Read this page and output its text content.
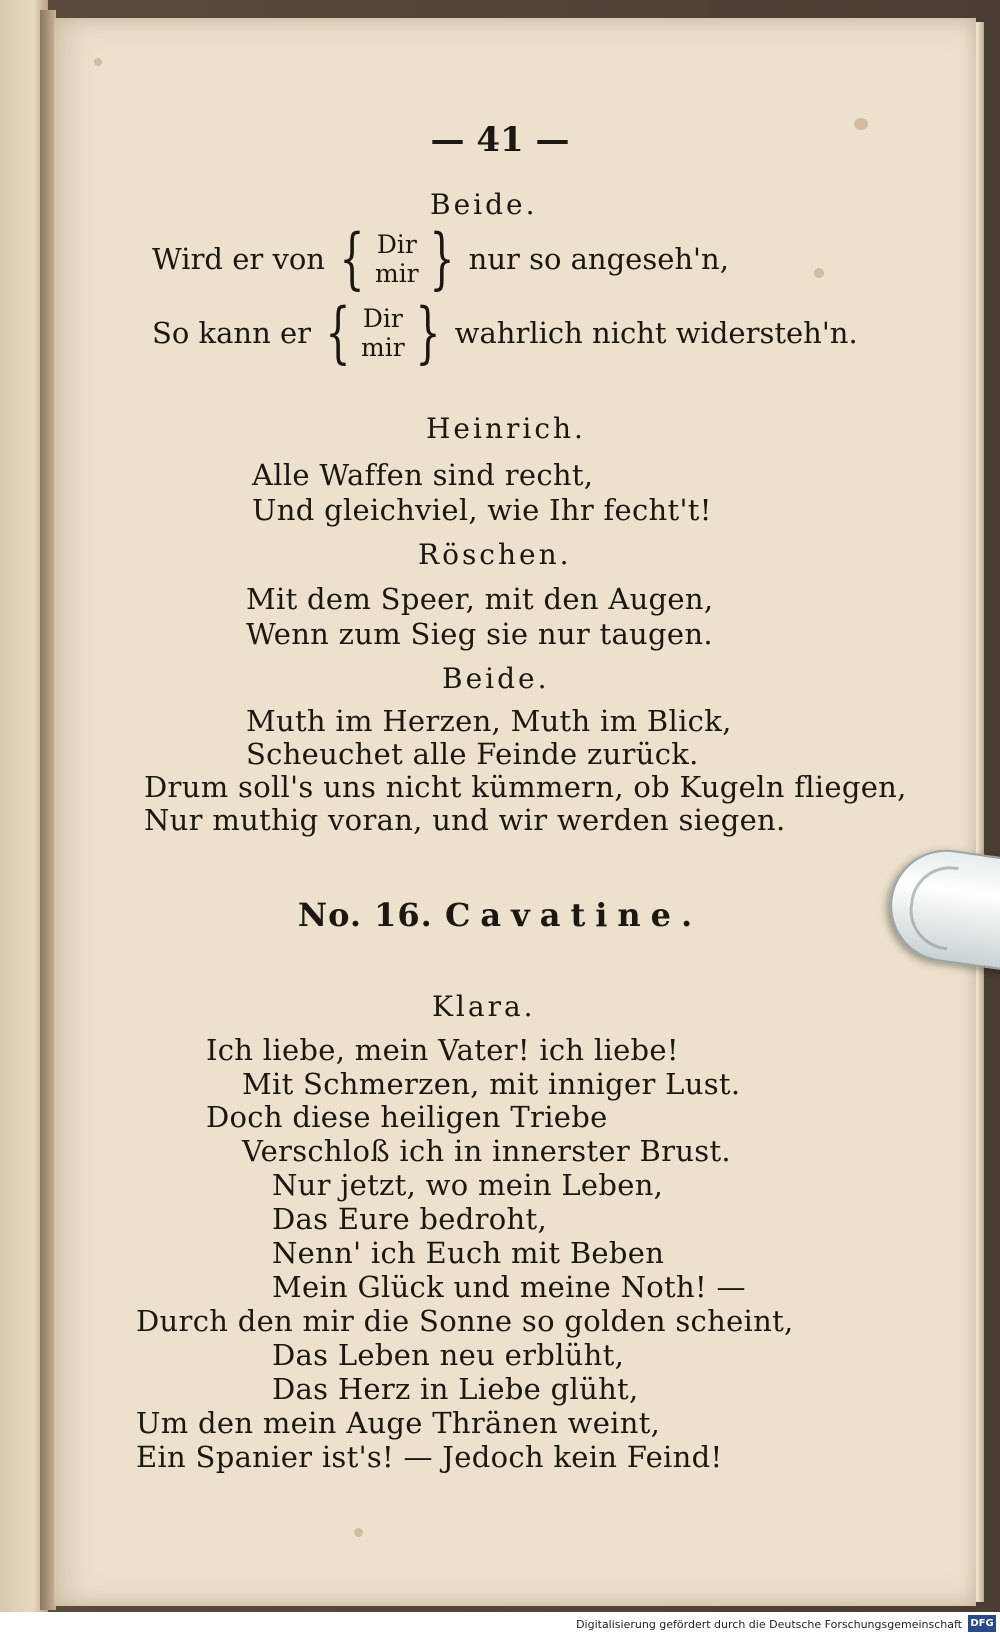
— 41 —
Beide.
Wird er von { Dir
mir } nur so angeseh'n,
So kann er { Dir
mir } wahrlich nicht widersteh'n.
Heinrich.
Alle Waffen sind recht,
Und gleichviel, wie Ihr fecht't!
Röschen.
Mit dem Speer, mit den Augen,
Wenn zum Sieg sie nur taugen.
Beide.
Muth im Herzen, Muth im Blick,
Scheuchet alle Feinde zurück.
Drum soll's uns nicht kümmern, ob Kugeln fliegen,
Nur muthig voran, und wir werden siegen.
No. 16. Cavatine.
Klara.
Ich liebe, mein Vater! ich liebe!
Mit Schmerzen, mit inniger Lust.
Doch diese heiligen Triebe
Verschloß ich in innerster Brust.
Nur jetzt, wo mein Leben,
Das Eure bedroht,
Nenn' ich Euch mit Beben
Mein Glück und meine Noth! —
Durch den mir die Sonne so golden scheint,
Das Leben neu erblüht,
Das Herz in Liebe glüht,
Um den mein Auge Thränen weint,
Ein Spanier ist's! — Jedoch kein Feind!
Digitalisierung gefördert durch die Deutsche Forschungsgemeinschaft DFG
